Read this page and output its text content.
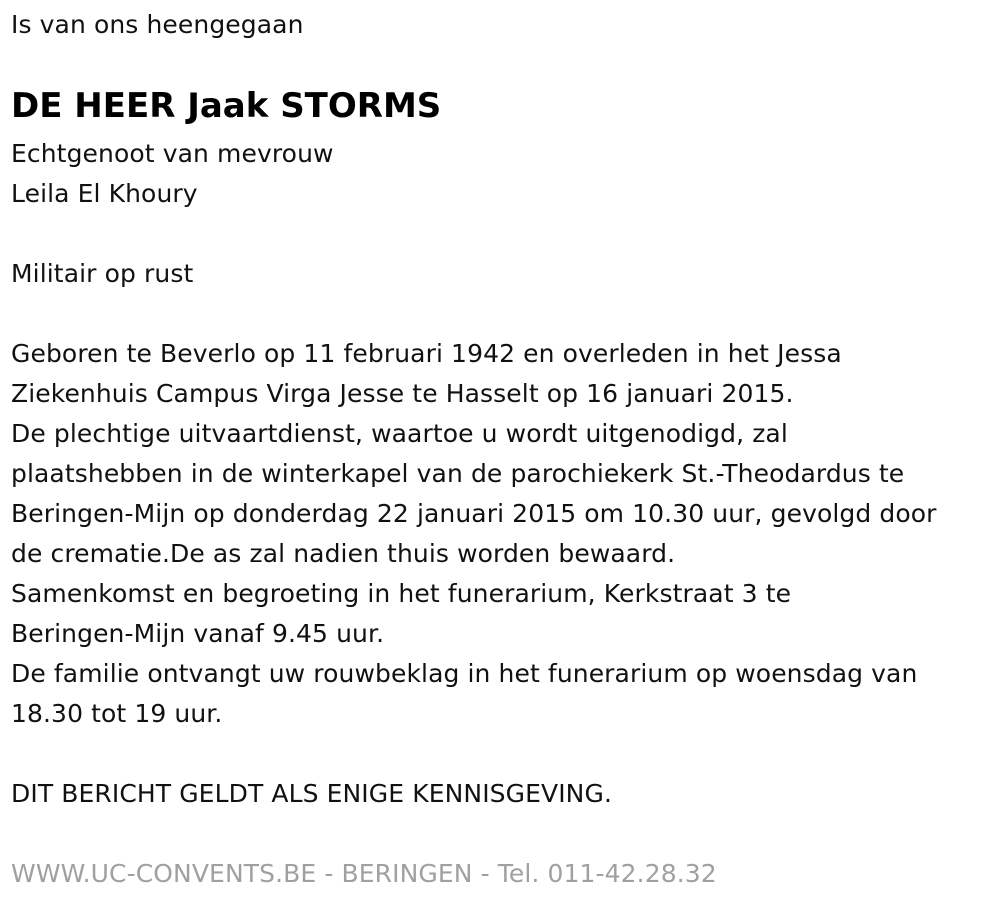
Is van ons heengegaan
DE HEER Jaak STORMS
Echtgenoot van mevrouw
Leila El Khoury
Militair op rust
Geboren te Beverlo op 11 februari 1942 en overleden in het Jessa
Ziekenhuis Campus Virga Jesse te Hasselt op 16 januari 2015.
De plechtige uitvaartdienst, waartoe u wordt uitgenodigd, zal
plaatshebben in de winterkapel van de parochiekerk St.-Theodardus te
Beringen-Mijn op donderdag 22 januari 2015 om 10.30 uur, gevolgd door
de crematie.De as zal nadien thuis worden bewaard.
Samenkomst en begroeting in het funerarium, Kerkstraat 3 te
Beringen-Mijn vanaf 9.45 uur.
De familie ontvangt uw rouwbeklag in het funerarium op woensdag van
18.30 tot 19 uur.
DIT BERICHT GELDT ALS ENIGE KENNISGEVING.
WWW.UC-CONVENTS.BE - BERINGEN - Tel. 011-42.28.32
